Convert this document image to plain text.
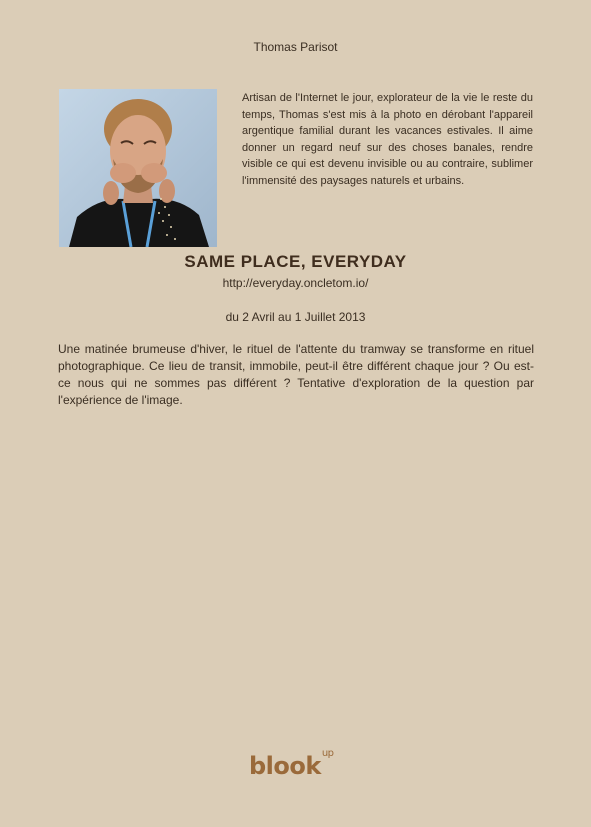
Thomas Parisot
Artisan de l'Internet le jour, explorateur de la vie le reste du temps, Thomas s'est mis à la photo en dérobant l'appareil argentique familial durant les vacances estivales. Il aime donner un regard neuf sur des choses banales, rendre visible ce qui est devenu invisible ou au contraire, sublimer l'immensité des paysages naturels et urbains.
SAME PLACE, EVERYDAY
http://everyday.oncletom.io/
du 2 Avril au 1 Juillet 2013
Une matinée brumeuse d'hiver, le rituel de l'attente du tramway se transforme en rituel photographique. Ce lieu de transit, immobile, peut-il être différent chaque jour ? Ou est-ce nous qui ne sommes pas différent ? Tentative d'exploration de la question par l'expérience de l'image.
blook$^{up}$
